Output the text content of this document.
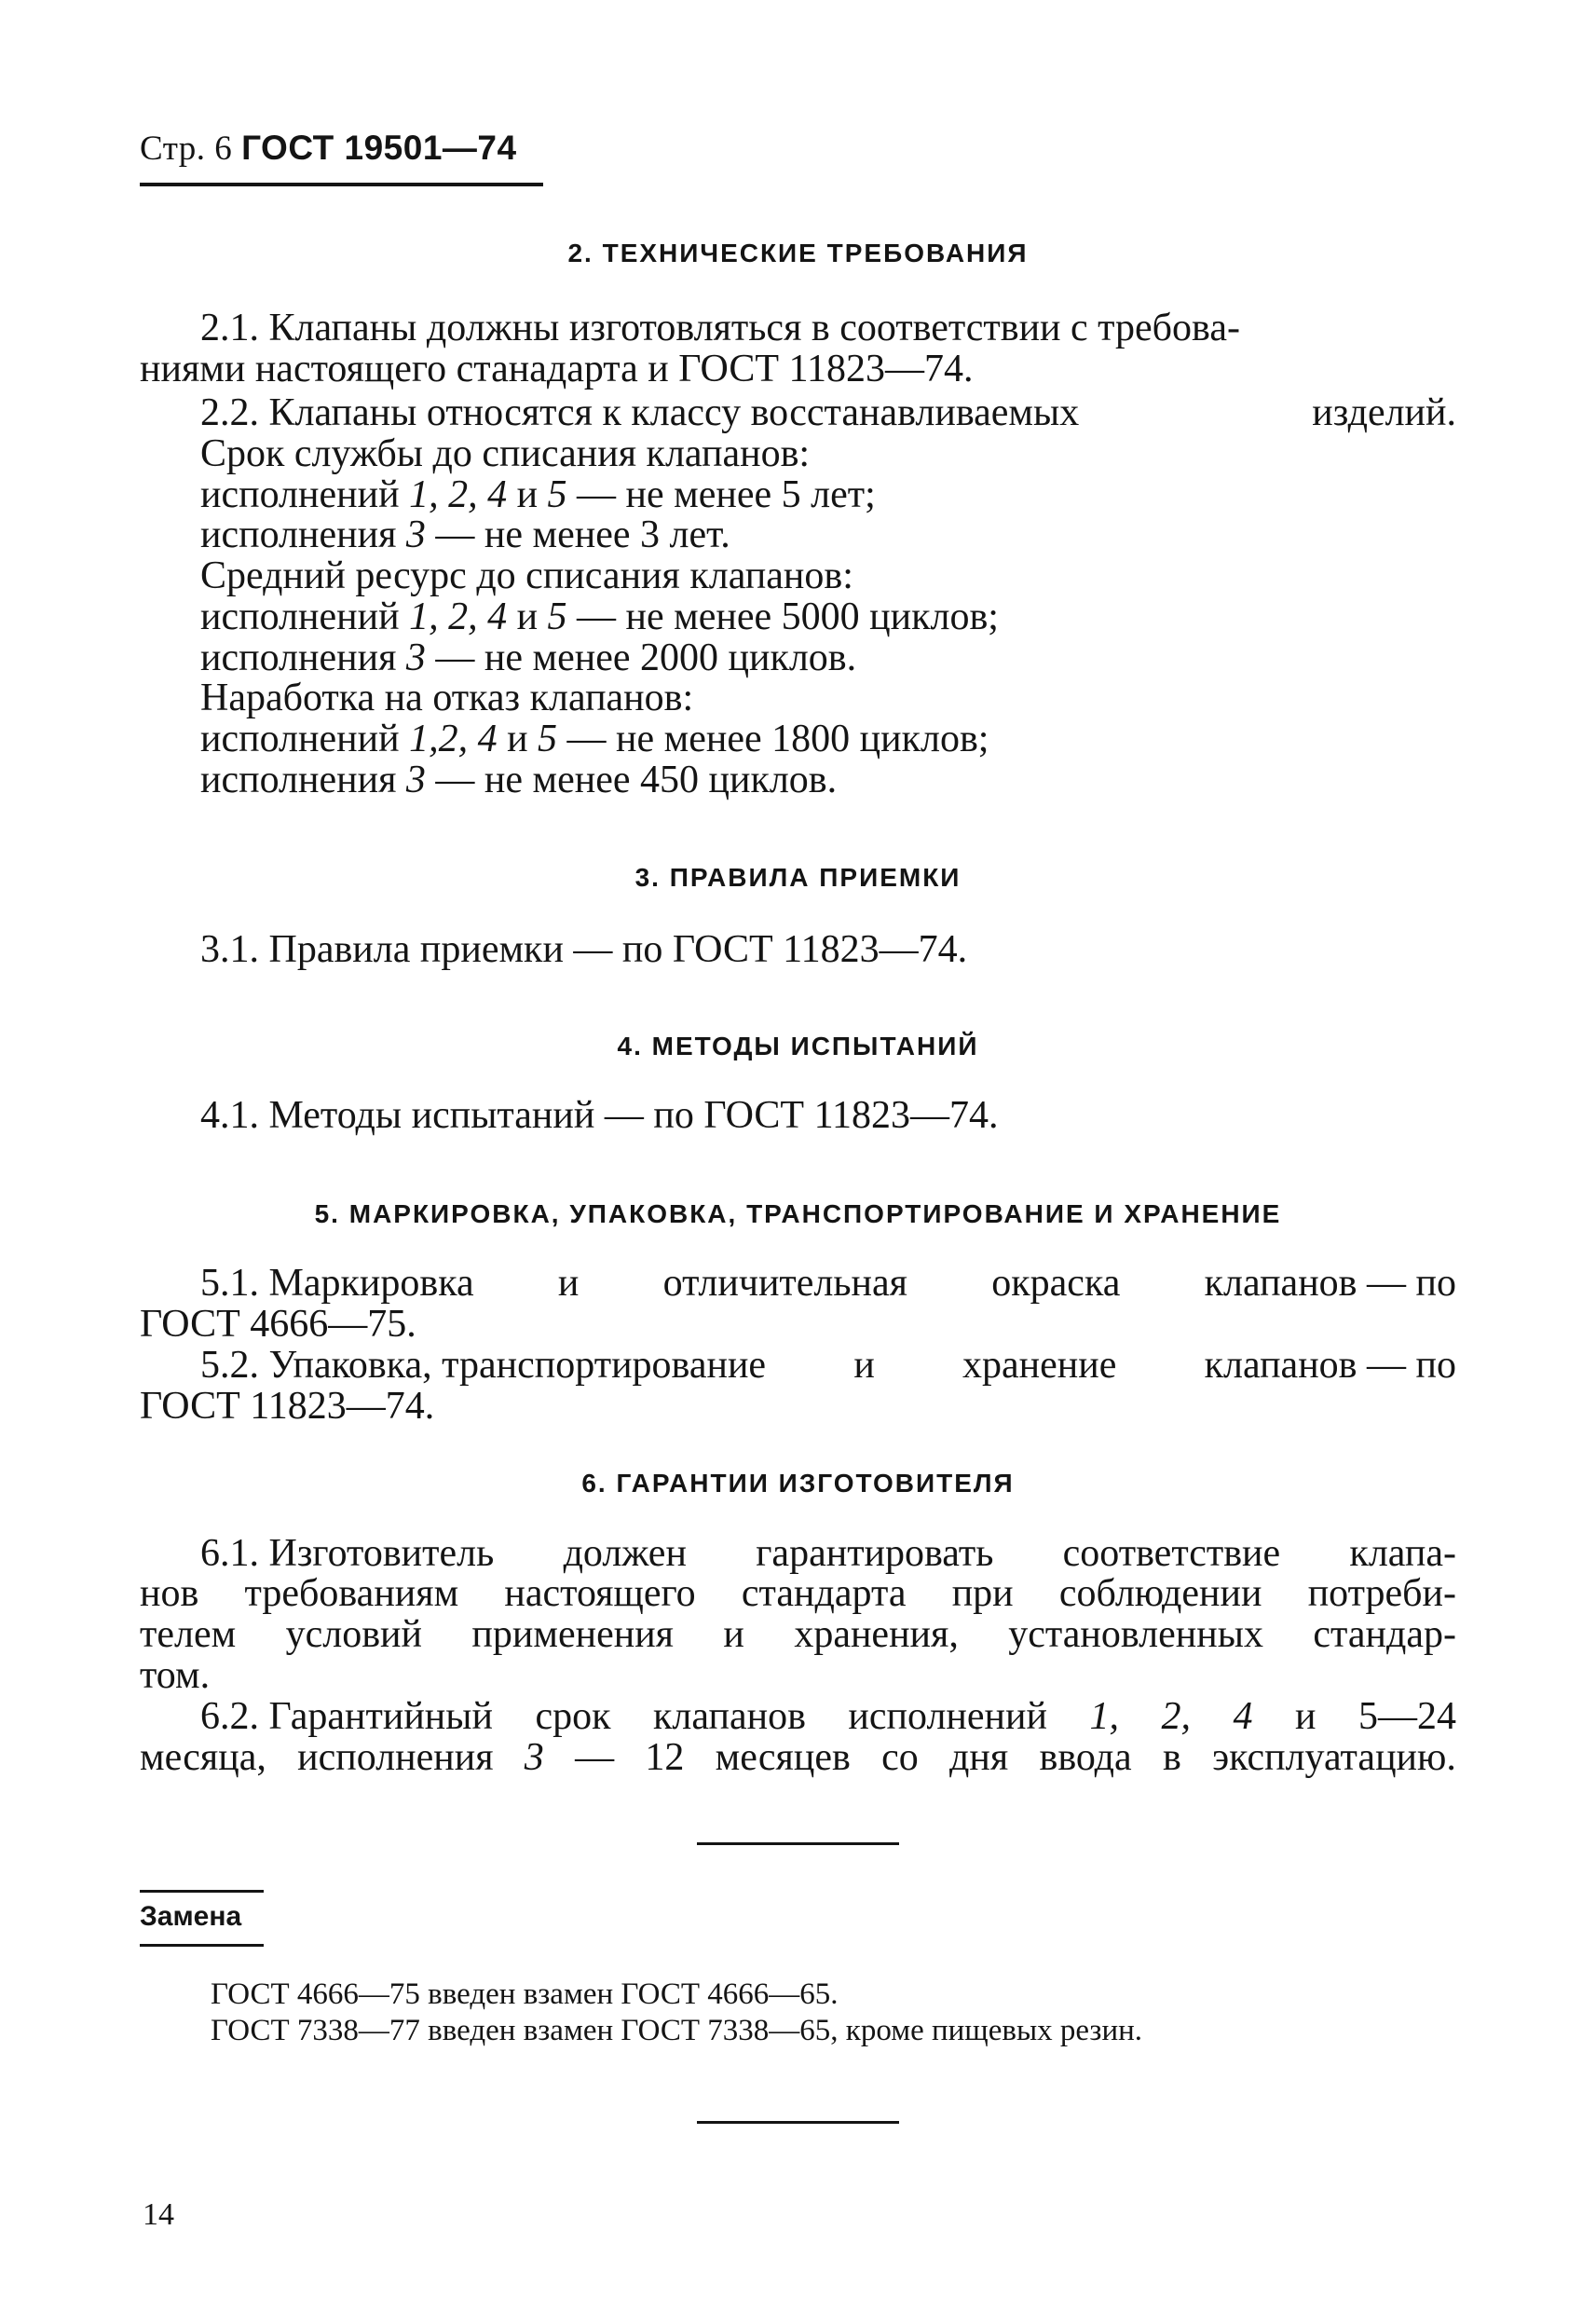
Стр. 6 ГОСТ 19501—74
2. ТЕХНИЧЕСКИЕ ТРЕБОВАНИЯ
2.1. Клапаны должны изготовляться в соответствии с требова-
ниями настоящего станадарта и ГОСТ 11823—74.
2.2. Клапаны относятся к классу восстанавливаемых	изделий.
Срок службы до списания клапанов:
исполнений 1, 2, 4 и 5 — не менее 5 лет;
исполнения 3 — не менее 3 лет.
Средний ресурс до списания клапанов:
исполнений 1, 2, 4 и 5 — не менее 5000 циклов;
исполнения 3 — не менее 2000 циклов.
Наработка на отказ клапанов:
исполнений 1,2, 4 и 5 — не менее 1800 циклов;
исполнения 3 — не менее 450 циклов.
3. ПРАВИЛА ПРИЕМКИ
3.1. Правила приемки — по ГОСТ 11823—74.
4. МЕТОДЫ ИСПЫТАНИЙ
4.1. Методы испытаний — по ГОСТ 11823—74.
5. МАРКИРОВКА, УПАКОВКА, ТРАНСПОРТИРОВАНИЕ И ХРАНЕНИЕ
5.1. Маркировка и отличительная окраска клапанов — по
ГОСТ 4666—75.
5.2. Упаковка, транспортирование и хранение клапанов — по
ГОСТ 11823—74.
6. ГАРАНТИИ ИЗГОТОВИТЕЛЯ
6.1. Изготовитель должен гарантировать соответствие клапа-
нов требованиям настоящего стандарта при соблюдении потреби-
телем условий применения и хранения, установленных стандар-
том.
6.2. Гарантийный срок клапанов исполнений 1, 2, 4 и 5—24
месяца, исполнения 3 — 12 месяцев со дня ввода в эксплуатацию.
Замена
ГОСТ 4666—75 введен взамен ГОСТ 4666—65.
ГОСТ 7338—77 введен взамен ГОСТ 7338—65, кроме пищевых резин.
14
